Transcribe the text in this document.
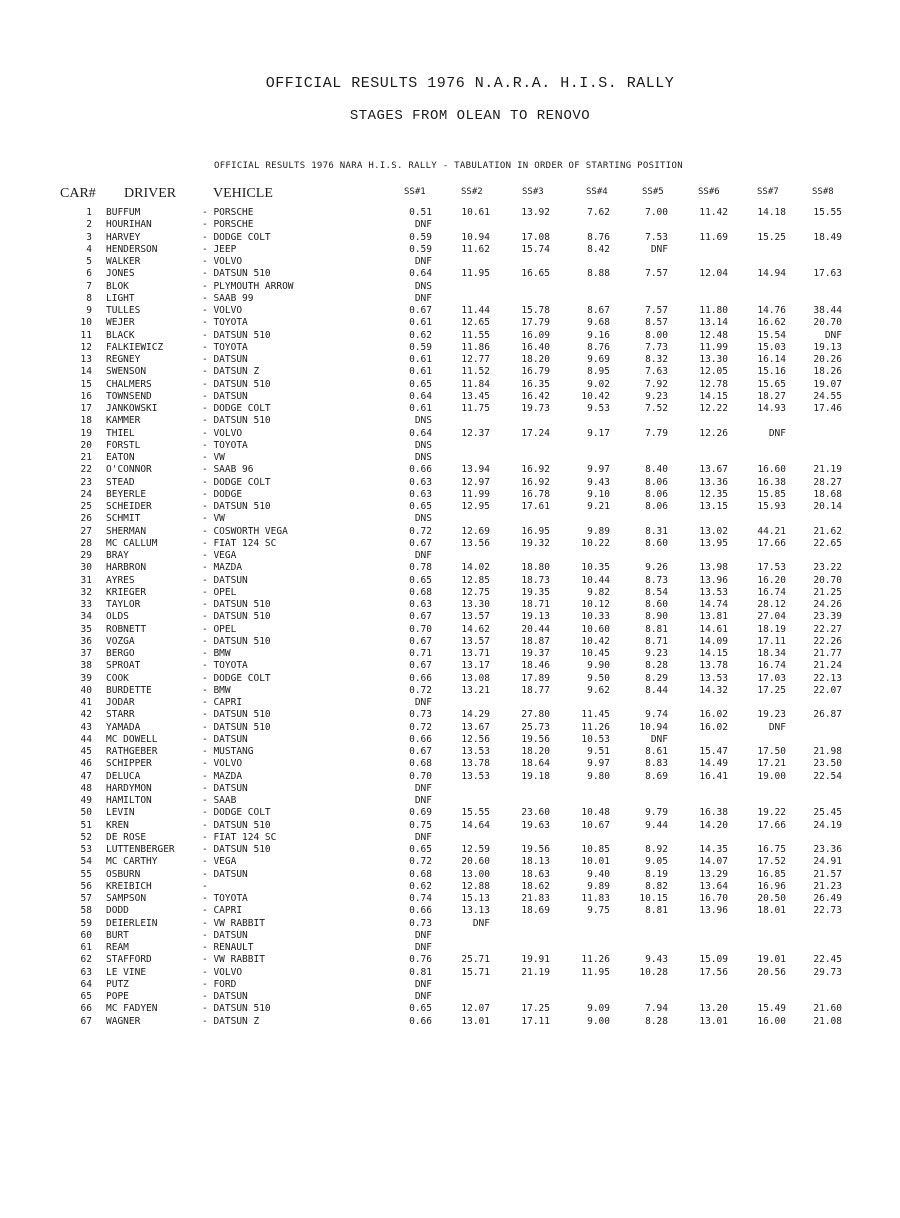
OFFICIAL RESULTS 1976 N.A.R.A. H.I.S. RALLY
STAGES FROM OLEAN TO RENOVO
OFFICIAL RESULTS 1976 NARA H.I.S. RALLY - TABULATION IN ORDER OF STARTING POSITION
CAR# DRIVER	VEHICLE	SS#1	SS#2	SS#3	SS#4	SS#5	SS#6	SS#7	SS#8
1 BUFFUM	- PORSCHE	0.51	10.61	13.92	7.62	7.00	11.42	14.18	15.55
2 HOURIHAN	- PORSCHE	DNF
3 HARVEY	- DODGE COLT	0.59	10.94	17.08	8.76	7.53	11.69	15.25	18.49
4 HENDERSON	- JEEP	0.59	11.62	15.74	8.42	DNF
5 WALKER	- VOLVO	DNF
6 JONES	- DATSUN 510	0.64	11.95	16.65	8.88	7.57	12.04	14.94	17.63
7 BLOK	- PLYMOUTH ARROW	DNS
8 LIGHT	- SAAB 99	DNF
9 TULLES	- VOLVO	0.67	11.44	15.78	8.67	7.57	11.80	14.76	38.44
10 WEJER	- TOYOTA	0.61	12.65	17.79	9.68	8.57	13.14	16.62	20.70
11 BLACK	- DATSUN 510	0.62	11.55	16.09	9.16	8.00	12.48	15.54	DNF
12 FALKIEWICZ	- TOYOTA	0.59	11.86	16.40	8.76	7.73	11.99	15.03	19.13
13 REGNEY	- DATSUN	0.61	12.77	18.20	9.69	8.32	13.30	16.14	20.26
14 SWENSON	- DATSUN Z	0.61	11.52	16.79	8.95	7.63	12.05	15.16	18.26
15 CHALMERS	- DATSUN 510	0.65	11.84	16.35	9.02	7.92	12.78	15.65	19.07
16 TOWNSEND	- DATSUN	0.64	13.45	16.42	10.42	9.23	14.15	18.27	24.55
17 JANKOWSKI	- DODGE COLT	0.61	11.75	19.73	9.53	7.52	12.22	14.93	17.46
18 KAMMER	- DATSUN 510	DNS
19 THIEL	- VOLVO	0.64	12.37	17.24	9.17	7.79	12.26	DNF
20 FORSTL	- TOYOTA	DNS
21 EATON	- VW	DNS
22 O'CONNOR	- SAAB 96	0.66	13.94	16.92	9.97	8.40	13.67	16.60	21.19
23 STEAD	- DODGE COLT	0.63	12.97	16.92	9.43	8.06	13.36	16.38	28.27
24 BEYERLE	- DODGE	0.63	11.99	16.78	9.10	8.06	12.35	15.85	18.68
25 SCHEIDER	- DATSUN 510	0.65	12.95	17.61	9.21	8.06	13.15	15.93	20.14
26 SCHMIT	- VW	DNS
27 SHERMAN	- COSWORTH VEGA	0.72	12.69	16.95	9.89	8.31	13.02	44.21	21.62
28 MC CALLUM	- FIAT 124 SC	0.67	13.56	19.32	10.22	8.60	13.95	17.66	22.65
29 BRAY	- VEGA	DNF
30 HARBRON	- MAZDA	0.78	14.02	18.80	10.35	9.26	13.98	17.53	23.22
31 AYRES	- DATSUN	0.65	12.85	18.73	10.44	8.73	13.96	16.20	20.70
32 KRIEGER	- OPEL	0.68	12.75	19.35	9.82	8.54	13.53	16.74	21.25
33 TAYLOR	- DATSUN 510	0.63	13.30	18.71	10.12	8.60	14.74	28.12	24.26
34 OLDS	- DATSUN 510	0.67	13.57	19.13	10.33	8.90	13.81	27.04	23.39
35 ROBNETT	- OPEL	0.70	14.62	20.44	10.60	8.81	14.61	18.19	22.27
36 VOZGA	- DATSUN 510	0.67	13.57	18.87	10.42	8.71	14.09	17.11	22.26
37 BERGO	- BMW	0.71	13.71	19.37	10.45	9.23	14.15	18.34	21.77
38 SPROAT	- TOYOTA	0.67	13.17	18.46	9.90	8.28	13.78	16.74	21.24
39 COOK	- DODGE COLT	0.66	13.08	17.89	9.50	8.29	13.53	17.03	22.13
40 BURDETTE	- BMW	0.72	13.21	18.77	9.62	8.44	14.32	17.25	22.07
41 JODAR	- CAPRI	DNF
42 STARR	- DATSUN 510	0.73	14.29	27.80	11.45	9.74	16.02	19.23	26.87
43 YAMADA	- DATSUN 510	0.72	13.67	25.73	11.26	10.94	16.02	DNF
44 MC DOWELL	- DATSUN	0.66	12.56	19.56	10.53	DNF
45 RATHGEBER	- MUSTANG	0.67	13.53	18.20	9.51	8.61	15.47	17.50	21.98
46 SCHIPPER	- VOLVO	0.68	13.78	18.64	9.97	8.83	14.49	17.21	23.50
47 DELUCA	- MAZDA	0.70	13.53	19.18	9.80	8.69	16.41	19.00	22.54
48 HARDYMON	- DATSUN	DNF
49 HAMILTON	- SAAB	DNF
50 LEVIN	- DODGE COLT	0.69	15.55	23.60	10.48	9.79	16.38	19.22	25.45
51 KREN	- DATSUN 510	0.75	14.64	19.63	10.67	9.44	14.20	17.66	24.19
52 DE ROSE	- FIAT 124 SC	DNF
53 LUTTENBERGER	- DATSUN 510	0.65	12.59	19.56	10.85	8.92	14.35	16.75	23.36
54 MC CARTHY	- VEGA	0.72	20.60	18.13	10.01	9.05	14.07	17.52	24.91
55 OSBURN	- DATSUN	0.68	13.00	18.63	9.40	8.19	13.29	16.85	21.57
56 KREIBICH	-	0.62	12.88	18.62	9.89	8.82	13.64	16.96	21.23
57 SAMPSON	- TOYOTA	0.74	15.13	21.83	11.83	10.15	16.70	20.50	26.49
58 DODD	- CAPRI	0.66	13.13	18.69	9.75	8.81	13.96	18.01	22.73
59 DEIERLEIN	- VW RABBIT	0.73	DNF
60 BURT	- DATSUN	DNF
61 REAM	- RENAULT	DNF
62 STAFFORD	- VW RABBIT	0.76	25.71	19.91	11.26	9.43	15.09	19.01	22.45
63 LE VINE	- VOLVO	0.81	15.71	21.19	11.95	10.28	17.56	20.56	29.73
64 PUTZ	- FORD	DNF
65 POPE	- DATSUN	DNF
66 MC FADYEN	- DATSUN 510	0.65	12.07	17.25	9.09	7.94	13.20	15.49	21.60
67 WAGNER	- DATSUN Z	0.66	13.01	17.11	9.00	8.28	13.01	16.00	21.08
